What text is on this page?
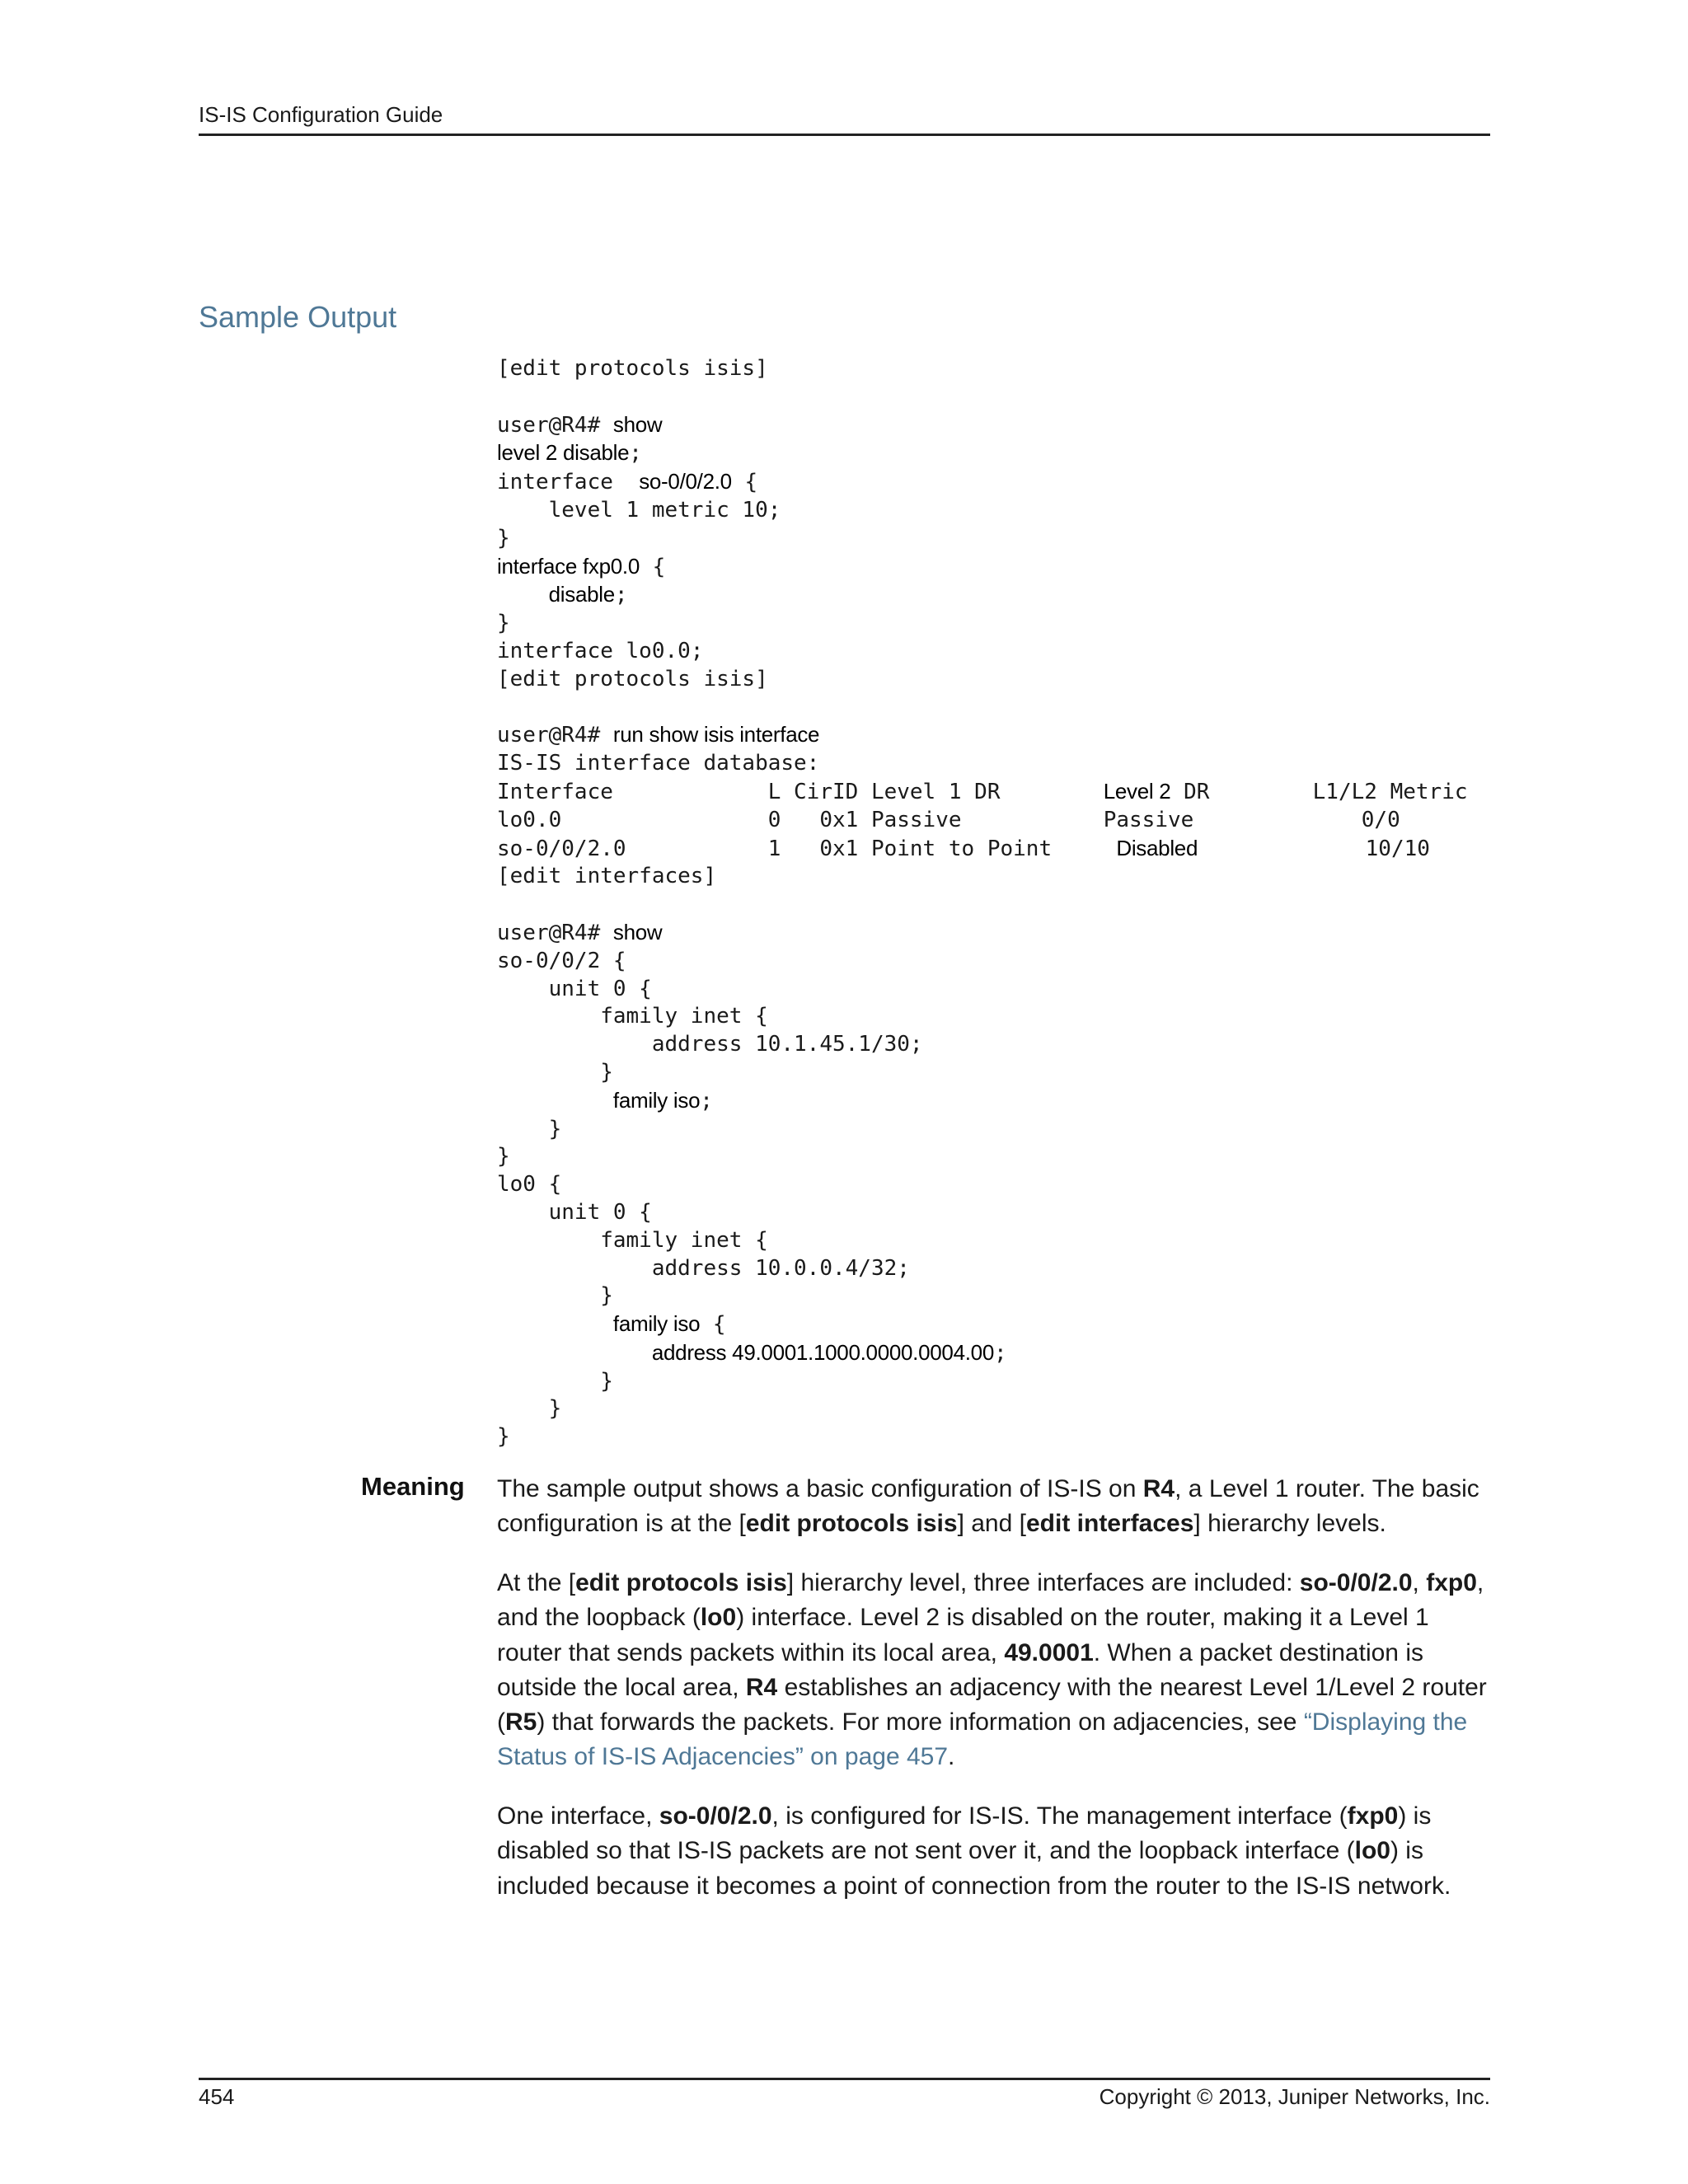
IS-IS Configuration Guide
Sample Output
[edit protocols isis]

user@R4# show
level 2 disable;
interface  so-0/0/2.0 {
level 1 metric 10;
}
interface fxp0.0 {
disable;
}
interface lo0.0;
[edit protocols isis]

user@R4# run show isis interface
IS-IS interface database:
Interface            L CirID Level 1 DR        Level 2 DR        L1/L2 Metric
lo0.0                0   0x1 Passive           Passive             0/0
so-0/0/2.0           1   0x1 Point to Point     Disabled             10/10
[edit interfaces]

user@R4# show
so-0/0/2 {
unit 0 {
family inet {
address 10.1.45.1/30;
}
family iso;
}
}
lo0 {
unit 0 {
family inet {
address 10.0.0.4/32;
}
family iso {
address 49.0001.1000.0000.0004.00;
}
}
}
Meaning The sample output shows a basic configuration of IS-IS on R4, a Level 1 router. The basic configuration is at the [edit protocols isis] and [edit interfaces] hierarchy levels.

At the [edit protocols isis] hierarchy level, three interfaces are included: so-0/0/2.0, fxp0, and the loopback (lo0) interface. Level 2 is disabled on the router, making it a Level 1 router that sends packets within its local area, 49.0001. When a packet destination is outside the local area, R4 establishes an adjacency with the nearest Level 1/Level 2 router (R5) that forwards the packets. For more information on adjacencies, see “Displaying the Status of IS-IS Adjacencies” on page 457.

One interface, so-0/0/2.0, is configured for IS-IS. The management interface (fxp0) is disabled so that IS-IS packets are not sent over it, and the loopback interface (lo0) is included because it becomes a point of connection from the router to the IS-IS network.

454	Copyright © 2013, Juniper Networks, Inc.
